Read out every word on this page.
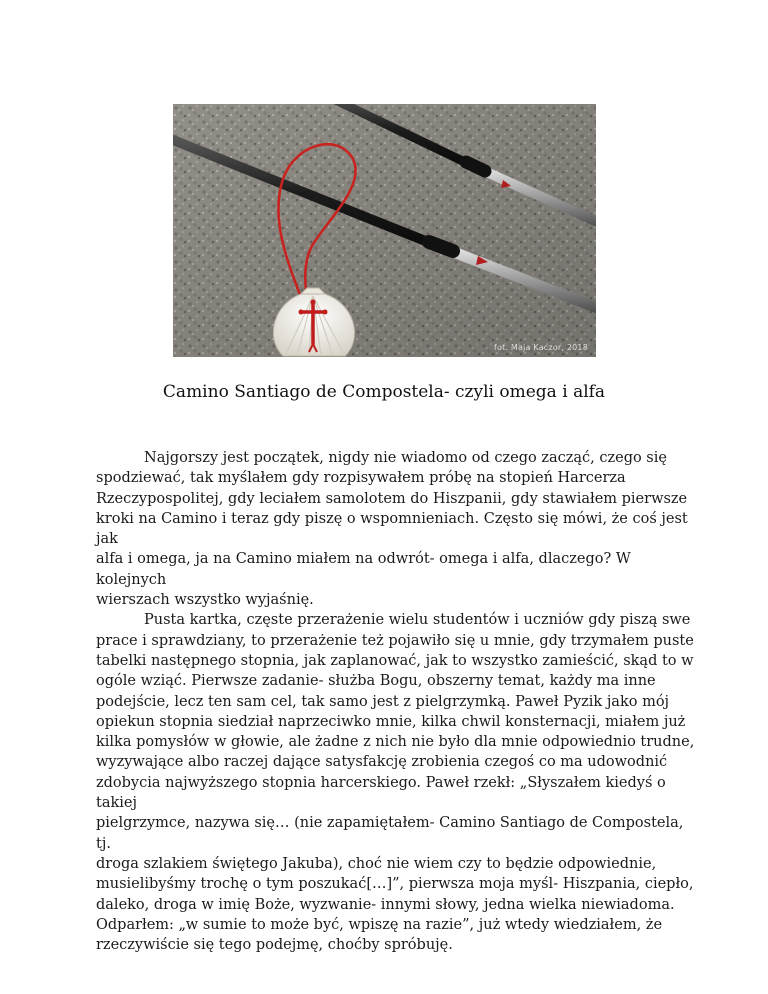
fot. Maja Kaczor, 2018
Camino Santiago de Compostela- czyli omega i alfa
Najgorszy jest początek, nigdy nie wiadomo od czego zacząć, czego się
spodziewać, tak myślałem gdy rozpisywałem próbę na stopień Harcerza
Rzeczypospolitej, gdy leciałem samolotem do Hiszpanii, gdy stawiałem pierwsze
kroki na Camino i teraz gdy piszę o wspomnieniach. Często się mówi, że coś jest jak
alfa i omega, ja na Camino miałem na odwrót- omega i alfa, dlaczego? W kolejnych
wierszach wszystko wyjaśnię.
Pusta kartka, częste przerażenie wielu studentów i uczniów gdy piszą swe
prace i sprawdziany, to przerażenie też pojawiło się u mnie, gdy trzymałem puste
tabelki następnego stopnia, jak zaplanować, jak to wszystko zamieścić, skąd to w
ogóle wziąć. Pierwsze zadanie- służba Bogu, obszerny temat, każdy ma inne
podejście, lecz ten sam cel, tak samo jest z pielgrzymką. Paweł Pyzik jako mój
opiekun stopnia siedział naprzeciwko mnie, kilka chwil konsternacji, miałem już
kilka pomysłów w głowie, ale żadne z nich nie było dla mnie odpowiednio trudne,
wyzywające albo raczej dające satysfakcję zrobienia czegoś co ma udowodnić
zdobycia najwyższego stopnia harcerskiego. Paweł rzekł: „Słyszałem kiedyś o takiej
pielgrzymce, nazywa się… (nie zapamiętałem- Camino Santiago de Compostela, tj.
droga szlakiem świętego Jakuba), choć nie wiem czy to będzie odpowiednie,
musielibyśmy trochę o tym poszukać[…]”, pierwsza moja myśl- Hiszpania, ciepło,
daleko, droga w imię Boże, wyzwanie- innymi słowy, jedna wielka niewiadoma.
Odparłem: „w sumie to może być, wpiszę na razie”, już wtedy wiedziałem, że
rzeczywiście się tego podejmę, choćby spróbuję.
